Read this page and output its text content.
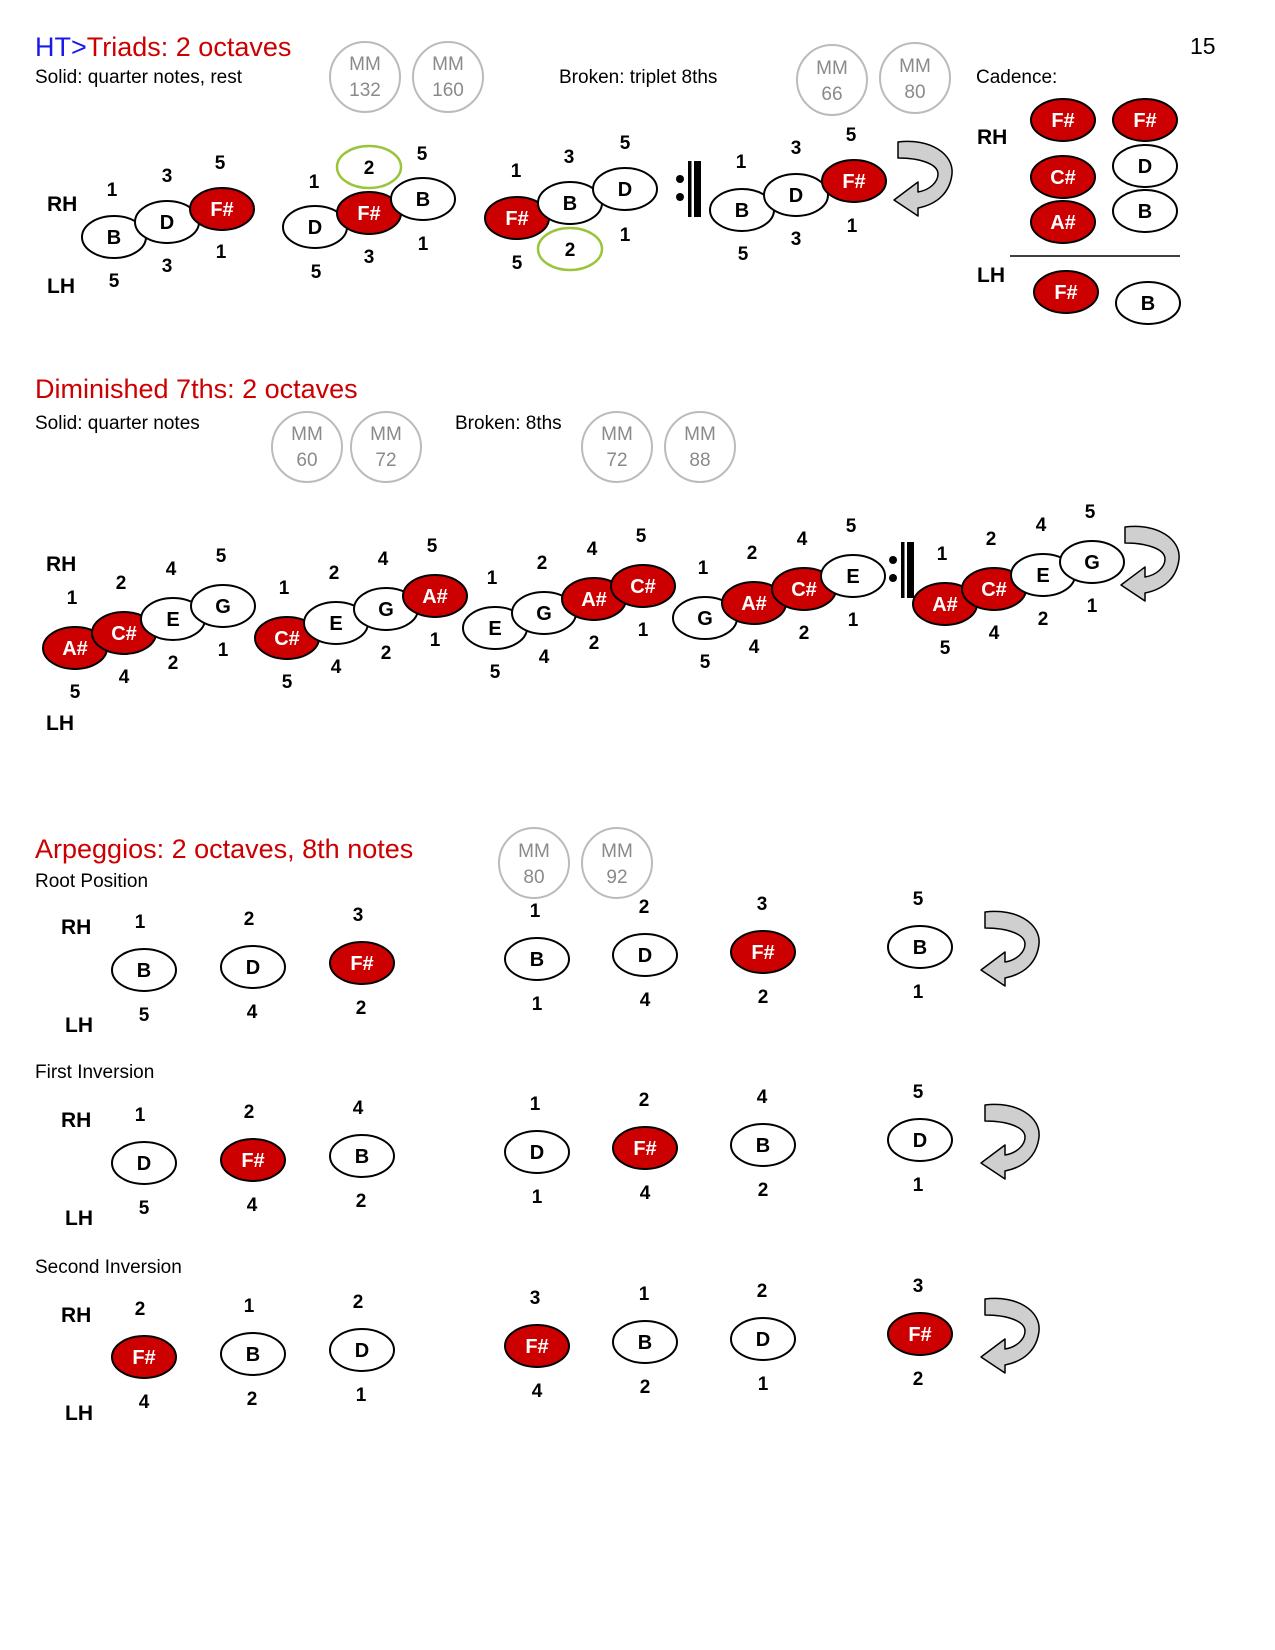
15
HT>Triads: 2 octaves
Solid: quarter notes, rest	Broken: triplet 8ths	Cadence:
MM
132
MM
160
MM
66
MM
80
RH
LH
B
D
F#
D
F#
B
F#
B
D
B
D
F#
2
2
1
3
5
1
5
1
3
5
1
3
5
5
3
1
5
3
1
5
1
5
3
1
RH
LH
F#
C#
A#
F#
D
B
F#	B
Diminished 7ths: 2 octaves
Solid: quarter notes	Broken: 8ths
MM
60
MM
72
MM
72
MM
88
RH
LH
A#
C#
E
G
C#
E
G
A#
E
G
A#
C#
G
A#
C#
E
A#
C#
E
G
1
2
4
5
1
2
4
5
1
2
4
5
1
2
4
5
1
2
4
5
5
4
2
1
5
4
2
1
5
4
2
1
5
4
2
1
5
4
2
1
Arpeggios: 2 octaves, 8th notes	MM
80
MM
92
Root Position
RH
LH
B	D	F#	B	D	F#	B
1	2	3	1	2	3	5
5	4	2	1	4	2	1
First Inversion
RH
LH
D	F#	B	D	F#	B	D
1	2	4	1	2	4	5
5	4	2	1	4	2	1
Second Inversion
RH
LH
F#	B	D	F#	B	D	F#
2	1	2	3	1	2	3
4	2	1	4	2	1	2
